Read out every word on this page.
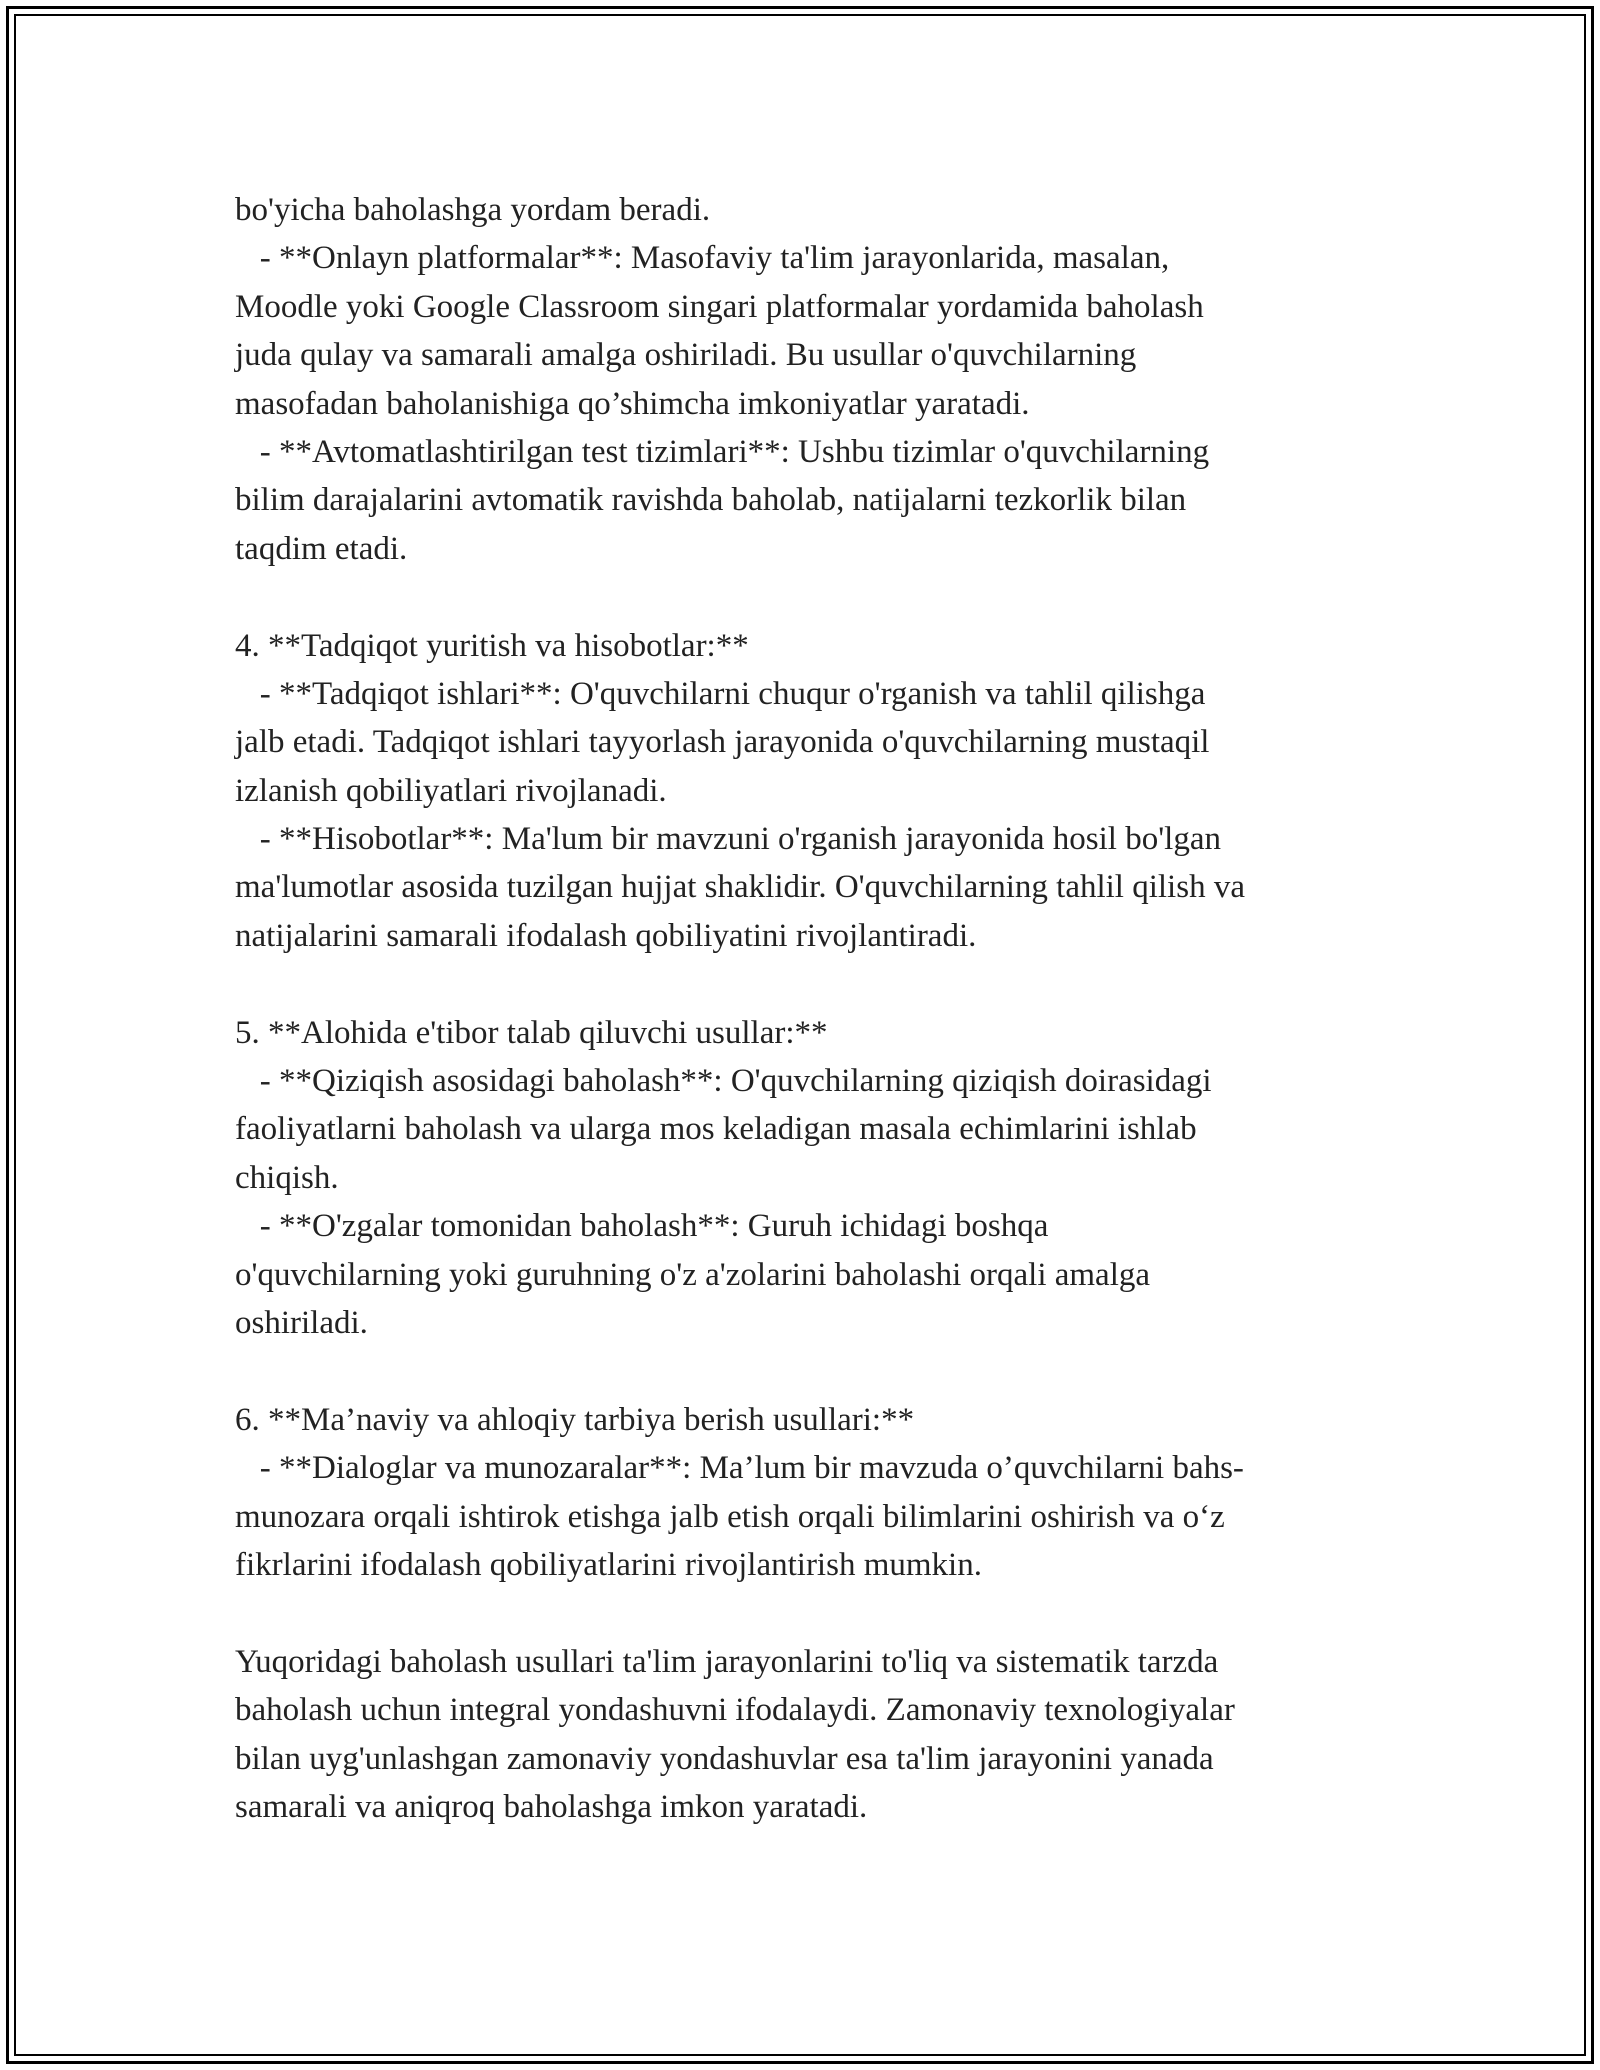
bo'yicha baholashga yordam beradi.
- **Onlayn platformalar**: Masofaviy ta'lim jarayonlarida, masalan,
Moodle yoki Google Classroom singari platformalar yordamida baholash
juda qulay va samarali amalga oshiriladi. Bu usullar o'quvchilarning
masofadan baholanishiga qo’shimcha imkoniyatlar yaratadi.
- **Avtomatlashtirilgan test tizimlari**: Ushbu tizimlar o'quvchilarning
bilim darajalarini avtomatik ravishda baholab, natijalarni tezkorlik bilan
taqdim etadi.
4. **Tadqiqot yuritish va hisobotlar:**
- **Tadqiqot ishlari**: O'quvchilarni chuqur o'rganish va tahlil qilishga
jalb etadi. Tadqiqot ishlari tayyorlash jarayonida o'quvchilarning mustaqil
izlanish qobiliyatlari rivojlanadi.
- **Hisobotlar**: Ma'lum bir mavzuni o'rganish jarayonida hosil bo'lgan
ma'lumotlar asosida tuzilgan hujjat shaklidir. O'quvchilarning tahlil qilish va
natijalarini samarali ifodalash qobiliyatini rivojlantiradi.
5. **Alohida e'tibor talab qiluvchi usullar:**
- **Qiziqish asosidagi baholash**: O'quvchilarning qiziqish doirasidagi
faoliyatlarni baholash va ularga mos keladigan masala echimlarini ishlab
chiqish.
- **O'zgalar tomonidan baholash**: Guruh ichidagi boshqa
o'quvchilarning yoki guruhning o'z a'zolarini baholashi orqali amalga
oshiriladi.
6. **Ma’naviy va ahloqiy tarbiya berish usullari:**
- **Dialoglar va munozaralar**: Ma’lum bir mavzuda o’quvchilarni bahs-
munozara orqali ishtirok etishga jalb etish orqali bilimlarini oshirish va o‘z
fikrlarini ifodalash qobiliyatlarini rivojlantirish mumkin.
Yuqoridagi baholash usullari ta'lim jarayonlarini to'liq va sistematik tarzda
baholash uchun integral yondashuvni ifodalaydi. Zamonaviy texnologiyalar
bilan uyg'unlashgan zamonaviy yondashuvlar esa ta'lim jarayonini yanada
samarali va aniqroq baholashga imkon yaratadi.
